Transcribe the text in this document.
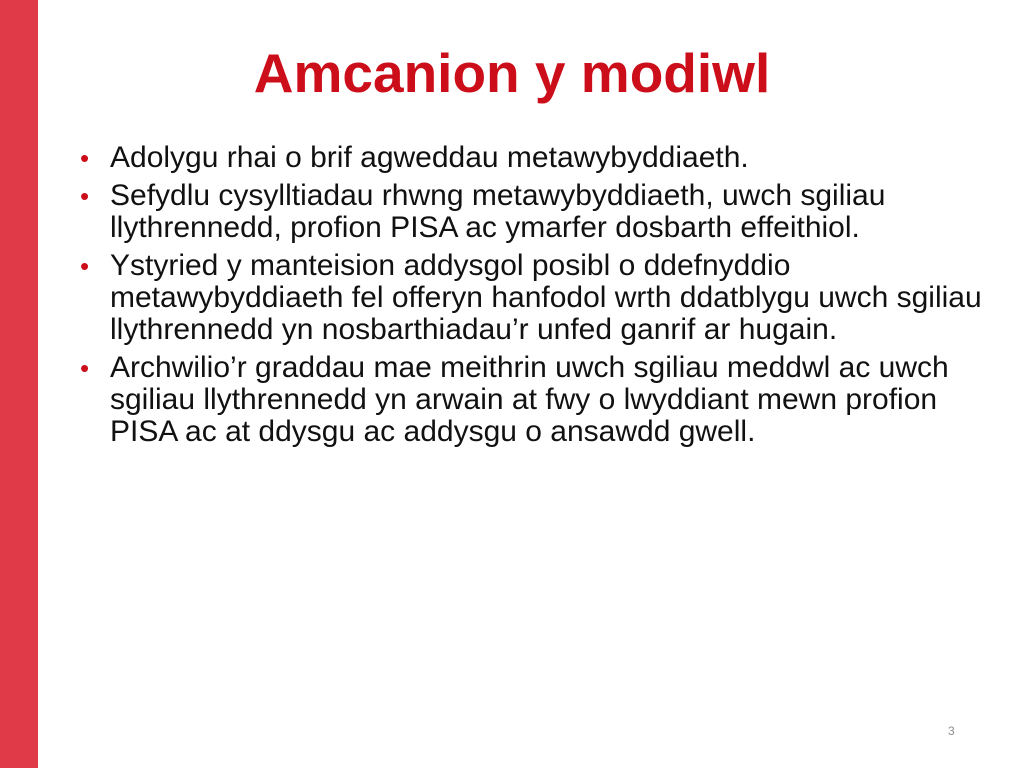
Amcanion y modiwl
• Adolygu rhai o brif agweddau metawybyddiaeth.
• Sefydlu cysylltiadau rhwng metawybyddiaeth, uwch sgiliau llythrennedd, profion PISA ac ymarfer dosbarth effeithiol.
• Ystyried y manteision addysgol posibl o ddefnyddio metawybyddiaeth fel offeryn hanfodol wrth ddatblygu uwch sgiliau llythrennedd yn nosbarthiadau’r unfed ganrif ar hugain.
• Archwilio’r graddau mae meithrin uwch sgiliau meddwl ac uwch sgiliau llythrennedd yn arwain at fwy o lwyddiant mewn profion PISA ac at ddysgu ac addysgu o ansawdd gwell.
3
